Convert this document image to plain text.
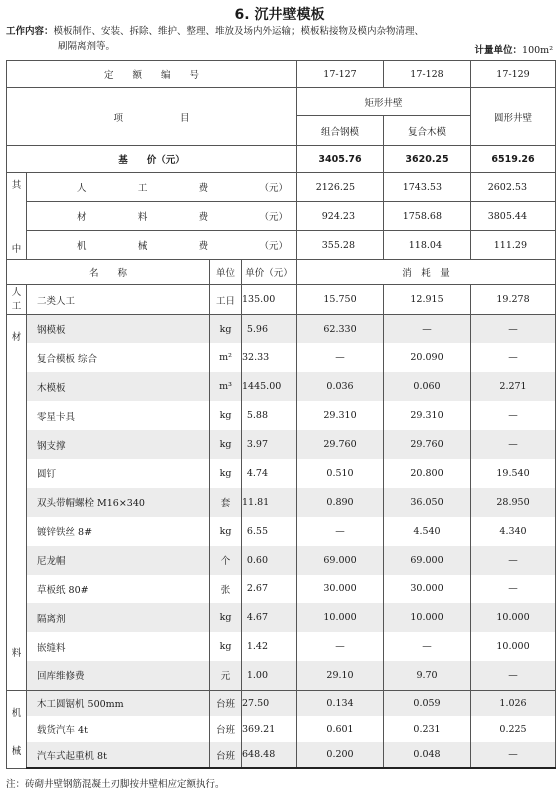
6. 沉井壁模板
工作内容：模板制作、安装、拆除、维护、整理、堆放及场内外运输；模板粘接物及模内杂物清理、
刷隔离剂等。	计量单位：100m²
定　　额　　编　　号				17-127	17-128	17-129
项　　　　　　目				矩形井壁		圆形井壁
				组合钢模	复合木模	
基　　价（元）				3405.76	3620.25	6519.26

其
中	人 工 费 （元）			2126.25	1743.53	2602.53

	材 料 费 （元）			924.23	1758.68	3805.44

	机 械 费 （元）			355.28	118.04	111.29
名　　称		单位	单价（元）	消　耗　量		

人
工	二类人工	工日	135.00	15.750	12.915	19.278

材
料	钢模板	kg	5.96	62.330	—	—
	复合模板 综合	m²	32.33	—	20.090	—
	木模板	m³	1445.00	0.036	0.060	2.271
	零星卡具	kg	5.88	29.310	29.310	—
	钢支撑	kg	3.97	29.760	29.760	—
	圆钉	kg	4.74	0.510	20.800	19.540
	双头带帽螺栓 M16×340	套	11.81	0.890	36.050	28.950
	镀锌铁丝 8#	kg	6.55	—	4.540	4.340
	尼龙帽	个	0.60	69.000	69.000	—
	草板纸 80#	张	2.67	30.000	30.000	—
	隔离剂	kg	4.67	10.000	10.000	10.000
	嵌缝料	kg	1.42	—	—	10.000
	回库维修费	元	1.00	29.10	9.70	—

机
械	木工圆锯机 500mm	台班	27.50	0.134	0.059	1.026
	载货汽车 4t	台班	369.21	0.601	0.231	0.225
	汽车式起重机 8t	台班	648.48	0.200	0.048	—
注：砖砌井壁钢筋混凝土刃脚按井壁相应定额执行。
